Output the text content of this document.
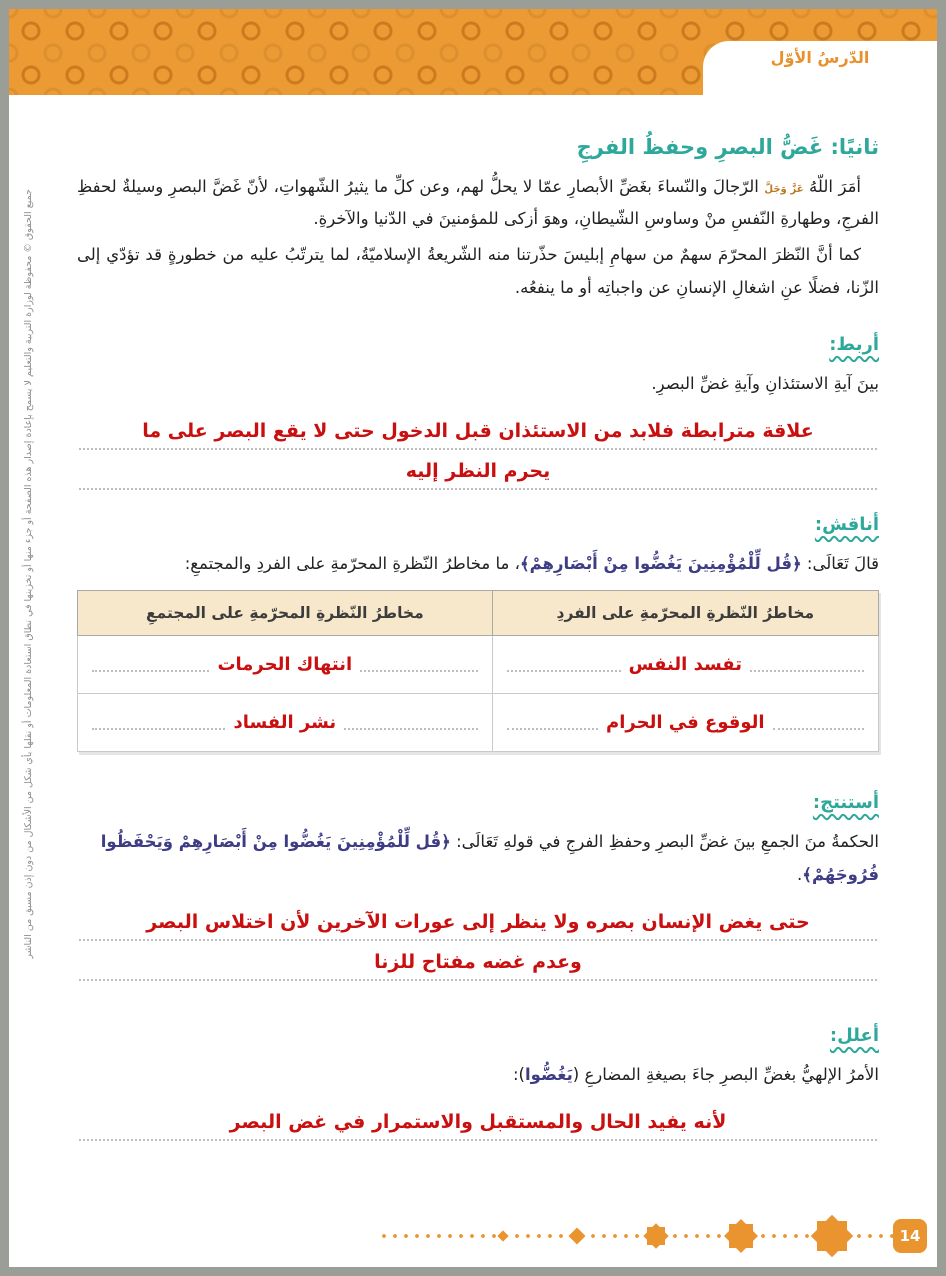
الدّرسُ الأوّل
جميع الحقوق © محفوظة لوزارة التربية والتعليم لا يسمح بإعادة إصدار هذه الصفحة أو جزء منها أو تخزينها في نطاق استعادة المعلومات أو نقلها بأي شكل من الأشكال من دون إذن مسبق من الناشر
ثانيًا: غَضُّ البصرِ وحفظُ الفرجِ

أمَرَ اللّهُ عَزَّ وَجَلَّ الرّجالَ والنّساءَ بغَضِّ الأبصارِ عمّا لا يحلُّ لهم، وعن كلِّ ما يثيرُ الشّهواتِ، لأنّ غَضَّ البصرِ وسيلةٌ لحفظِ الفرجِ، وطهارةِ النّفسِ منْ وساوسِ الشّيطانِ، وهوَ أزكى للمؤمنينَ في الدّنيا والآخرةِ.

كما أنَّ النّظرَ المحرّمَ سهمٌ من سهامِ إبليسَ حذّرتنا منه الشّريعةُ الإسلاميّةُ، لما يترتّبُ عليه من خطورةٍ قد تؤدّي إلى الزّنا، فضلًا عنِ اشغالِ الإنسانِ عن واجباتِه أو ما ينفعُه.

أربط:

بينَ آيةِ الاستئذانِ وآيةِ غضِّ البصرِ.

علاقة مترابطة فلابد من الاستئذان قبل الدخول حتى لا يقع البصر على ما
يحرم النظر إليه
أناقش:

قالَ تَعَالَى: ﴿قُل لِّلْمُؤْمِنِينَ يَغُضُّوا مِنْ أَبْصَارِهِمْ﴾، ما مخاطرُ النّظرةِ المحرّمةِ على الفردِ والمجتمعِ:

مخاطرُ النّظرةِ المحرّمةِ على الفردِ	مخاطرُ النّظرةِ المحرّمةِ على المجتمعِ

تفسد النفس	انتهاك الحرمات

الوقوع في الحرام	نشر الفساد
أستنتج:

الحكمةُ منَ الجمعِ بينَ غضِّ البصرِ وحفظِ الفرجِ في قولهِ تَعَالَى: ﴿قُل لِّلْمُؤْمِنِينَ يَغُضُّوا مِنْ أَبْصَارِهِمْ وَيَحْفَظُوا فُرُوجَهُمْ﴾.

حتى يغض الإنسان بصره ولا ينظر إلى عورات الآخرين لأن اختلاس البصر
وعدم غضه مفتاح للزنا
أعلل:

الأمرُ الإلهيُّ بغضِّ البصرِ جاءَ بصيغةِ المضارعِ (يَغُضُّوا):

لأنه يفيد الحال والمستقبل والاستمرار في غض البصر
14
